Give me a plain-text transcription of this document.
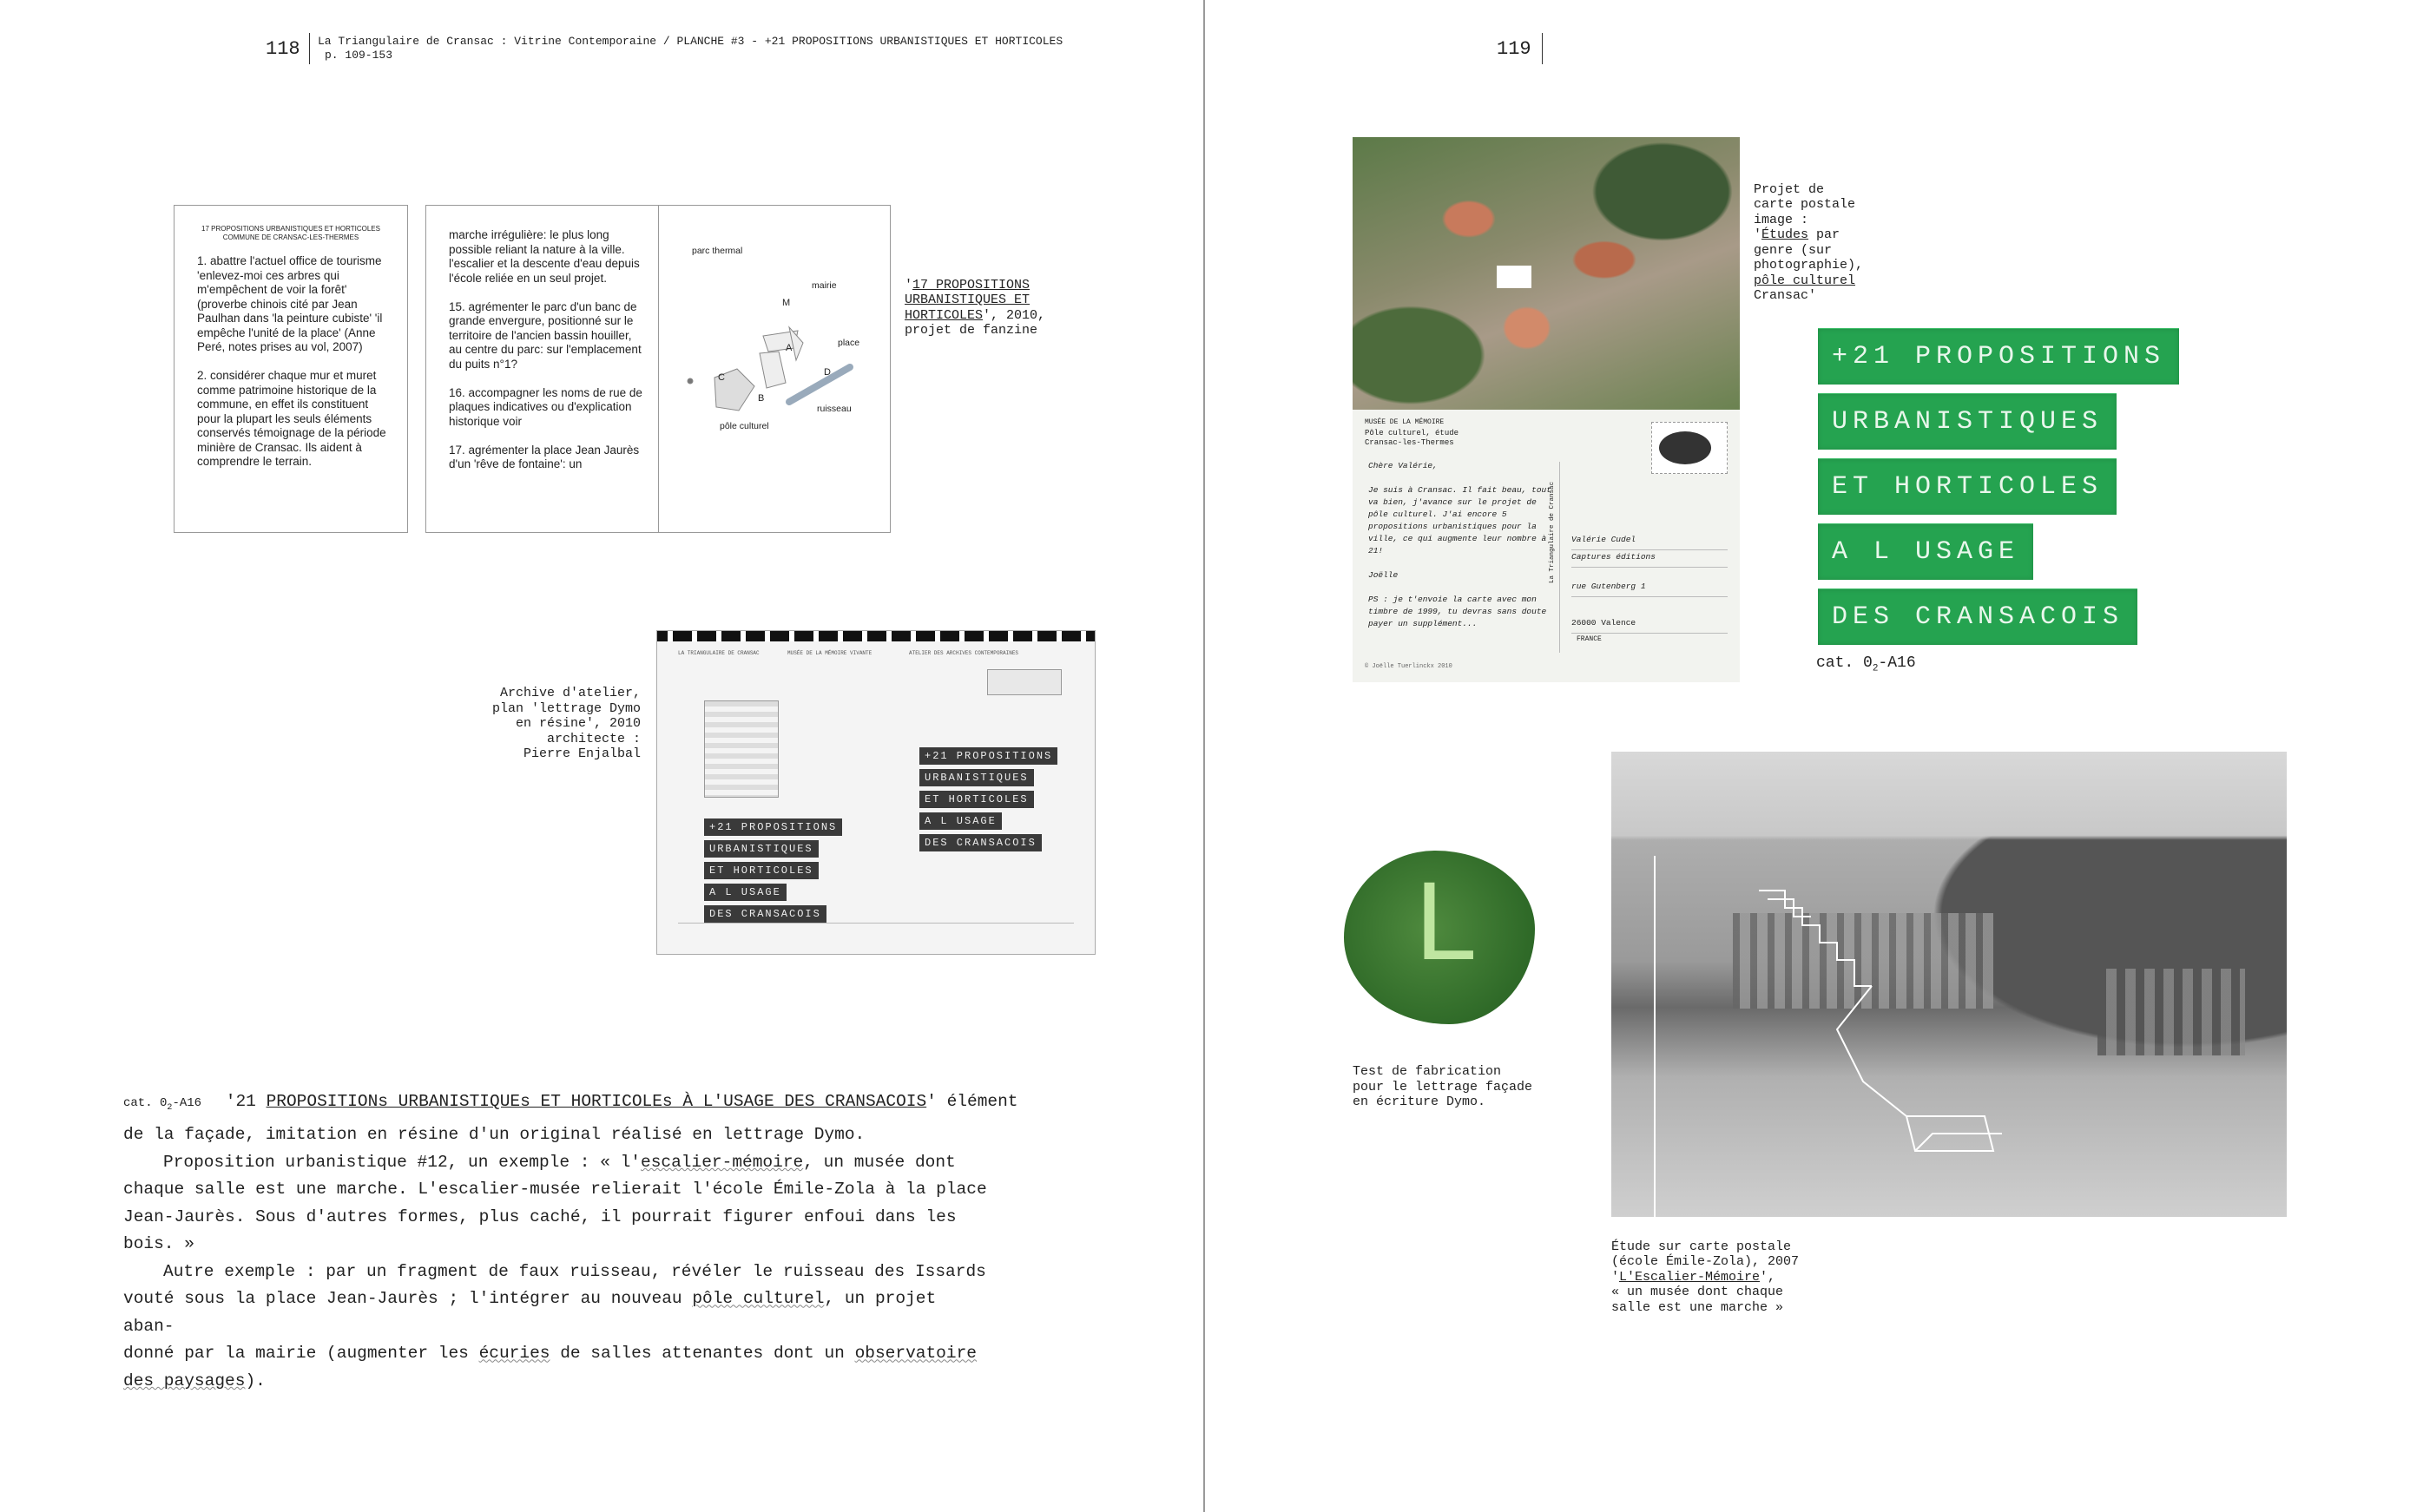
118 La Triangulaire de Cransac : Vitrine Contemporaine / PLANCHE #3 - +21 PROPOSITIONS URBANISTIQUES ET HORTICOLES
p. 109-153
17 PROPOSITIONS URBANISTIQUES ET HORTICOLES
COMMUNE DE CRANSAC-LES-THERMES
1. abattre l'actuel office de tourisme
'enlevez-moi ces arbres qui m'empêchent de voir la forêt' (proverbe chinois cité par Jean Paulhan dans 'la peinture cubiste' 'il empêche l'unité de la place' (Anne Peré, notes prises au vol, 2007)

2. considérer chaque mur et muret comme patrimoine historique de la commune, en effet ils constituent pour la plupart les seuls éléments conservés témoignage de la période minière de Cransac. Ils aident à comprendre le terrain.
marche irrégulière: le plus long possible reliant la nature à la ville. l'escalier et la descente d'eau depuis l'école reliée en un seul projet.

15. agrémenter le parc d'un banc de grande envergure, positionné sur le territoire de l'ancien bassin houiller, au centre du parc: sur l'emplacement du puits n°1?

16. accompagner les noms de rue de plaques indicatives ou d'explication historique voir

17. agrémenter la place Jean Jaurès d'un 'rêve de fontaine': un
parc thermal
mairie
M
place
A
C	D
B
ruisseau
pôle culturel

'17 PROPOSITIONS
URBANISTIQUES ET
HORTICOLES', 2010,
projet de fanzine

Archive d'atelier,
plan 'lettrage Dymo
en résine', 2010
architecte :
Pierre Enjalbal
LA TRIANGULAIRE DE CRANSAC	MUSÉE DE LA MÉMOIRE VIVANTE	ATELIER DES ARCHIVES CONTEMPORAINES
+21 PROPOSITIONS
URBANISTIQUES
ET HORTICOLES
A L USAGE
DES CRANSACOIS
+21 PROPOSITIONS
URBANISTIQUES
ET HORTICOLES
A L USAGE
DES CRANSACOIS
cat. $0_2-A16$ '21 PROPOSITIONs URBANISTIQUEs ET HORTICOLEs À L'USAGE DES CRANSACOIS' élément
de la façade, imitation en résine d'un original réalisé en lettrage Dymo.
Proposition urbanistique #12, un exemple : « l'escalier-mémoire, un musée dont
chaque salle est une marche. L'escalier-musée relierait l'école Émile-Zola à la place
Jean-Jaurès. Sous d'autres formes, plus caché, il pourrait figurer enfoui dans les
bois. »
Autre exemple : par un fragment de faux ruisseau, révéler le ruisseau des Issards
vouté sous la place Jean-Jaurès ; l'intégrer au nouveau pôle culturel, un projet aban-
donné par la mairie (augmenter les écuries de salles attenantes dont un observatoire
des paysages).
119
MUSÉE DE LA MÉMOIRE
Pôle culturel, étude
Cransac-les-Thermes
Chère Valérie,

Je suis à Cransac. Il fait beau, tout va bien, j'avance sur le projet de pôle culturel. J'ai encore 5 propositions urbanistiques pour la ville, ce qui augmente leur nombre à 21!

Joëlle

PS : je t'envoie la carte avec mon timbre de 1999, tu devras sans doute payer un supplément...
La Triangulaire de Cransac Valérie Cudel
Captures éditions
rue Gutenberg 1
26000 Valence
FRANCE
© Joëlle Tuerlinckx 2010

Projet de
carte postale
image :
'Études par
genre (sur
photographie),
pôle culturel
Cransac'

+21 PROPOSITIONS
URBANISTIQUES
ET HORTICOLES
A L USAGE
DES CRANSACOIS
cat. $0_2-A16$
L
Test de fabrication
pour le lettrage façade
en écriture Dymo.

Étude sur carte postale
(école Émile-Zola), 2007
'L'Escalier-Mémoire',
« un musée dont chaque
salle est une marche »
